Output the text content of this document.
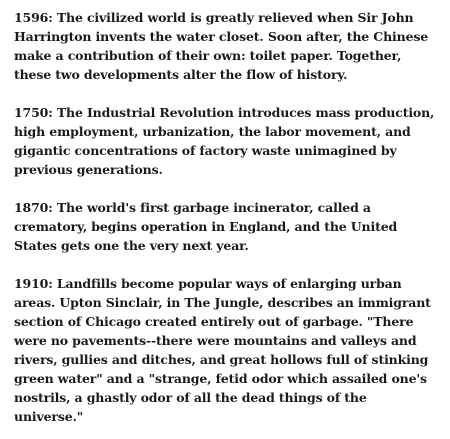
1596: The civilized world is greatly relieved when Sir John
Harrington invents the water closet. Soon after, the Chinese
make a contribution of their own: toilet paper. Together,
these two developments alter the flow of history.

1750: The Industrial Revolution introduces mass production,
high employment, urbanization, the labor movement, and
gigantic concentrations of factory waste unimagined by
previous generations.

1870: The world's first garbage incinerator, called a
crematory, begins operation in England, and the United
States gets one the very next year.

1910: Landfills become popular ways of enlarging urban
areas. Upton Sinclair, in The Jungle, describes an immigrant
section of Chicago created entirely out of garbage. "There
were no pavements--there were mountains and valleys and
rivers, gullies and ditches, and great hollows full of stinking
green water" and a "strange, fetid odor which assailed one's
nostrils, a ghastly odor of all the dead things of the
universe."
